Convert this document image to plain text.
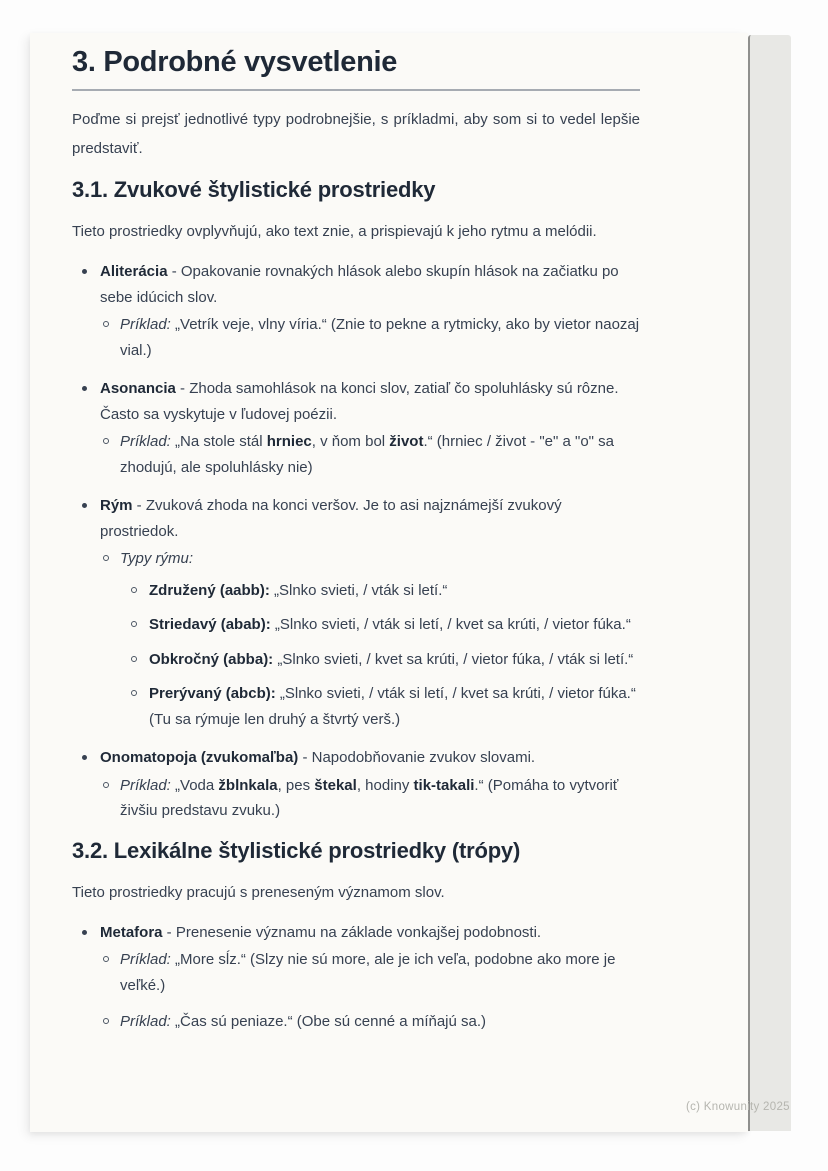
3. Podrobné vysvetlenie

Poďme si prejsť jednotlivé typy podrobnejšie, s príkladmi, aby som si to vedel lepšie predstaviť.

3.1. Zvukové štylistické prostriedky

Tieto prostriedky ovplyvňujú, ako text znie, a prispievajú k jeho rytmu a melódii.

Aliterácia - Opakovanie rovnakých hlások alebo skupín hlások na začiatku po sebe idúcich slov.
Príklad: „Vetrík veje, vlny víria.“ (Znie to pekne a rytmicky, ako by vietor naozaj vial.)
Asonancia - Zhoda samohlások na konci slov, zatiaľ čo spoluhlásky sú rôzne. Často sa vyskytuje v ľudovej poézii.
Príklad: „Na stole stál hrniec, v ňom bol život.“ (hrniec / život - "e" a "o" sa zhodujú, ale spoluhlásky nie)
Rým - Zvuková zhoda na konci veršov. Je to asi najznámejší zvukový prostriedok.
Typy rýmu:
Združený (aabb): „Slnko svieti, / vták si letí.“
Striedavý (abab): „Slnko svieti, / vták si letí, / kvet sa krúti, / vietor fúka.“
Obkročný (abba): „Slnko svieti, / kvet sa krúti, / vietor fúka, / vták si letí.“
Prerývaný (abcb): „Slnko svieti, / vták si letí, / kvet sa krúti, / vietor fúka.“ (Tu sa rýmuje len druhý a štvrtý verš.)
Onomatopoja (zvukomaľba) - Napodobňovanie zvukov slovami.
Príklad: „Voda žblnkala, pes štekal, hodiny tik-takali.“ (Pomáha to vytvoriť živšiu predstavu zvuku.)
3.2. Lexikálne štylistické prostriedky (trópy)

Tieto prostriedky pracujú s preneseným významom slov.

Metafora - Prenesenie významu na základe vonkajšej podobnosti.
Príklad: „More sĺz.“ (Slzy nie sú more, ale je ich veľa, podobne ako more je veľké.)
Príklad: „Čas sú peniaze.“ (Obe sú cenné a míňajú sa.)
(c) Knowunity 2025
